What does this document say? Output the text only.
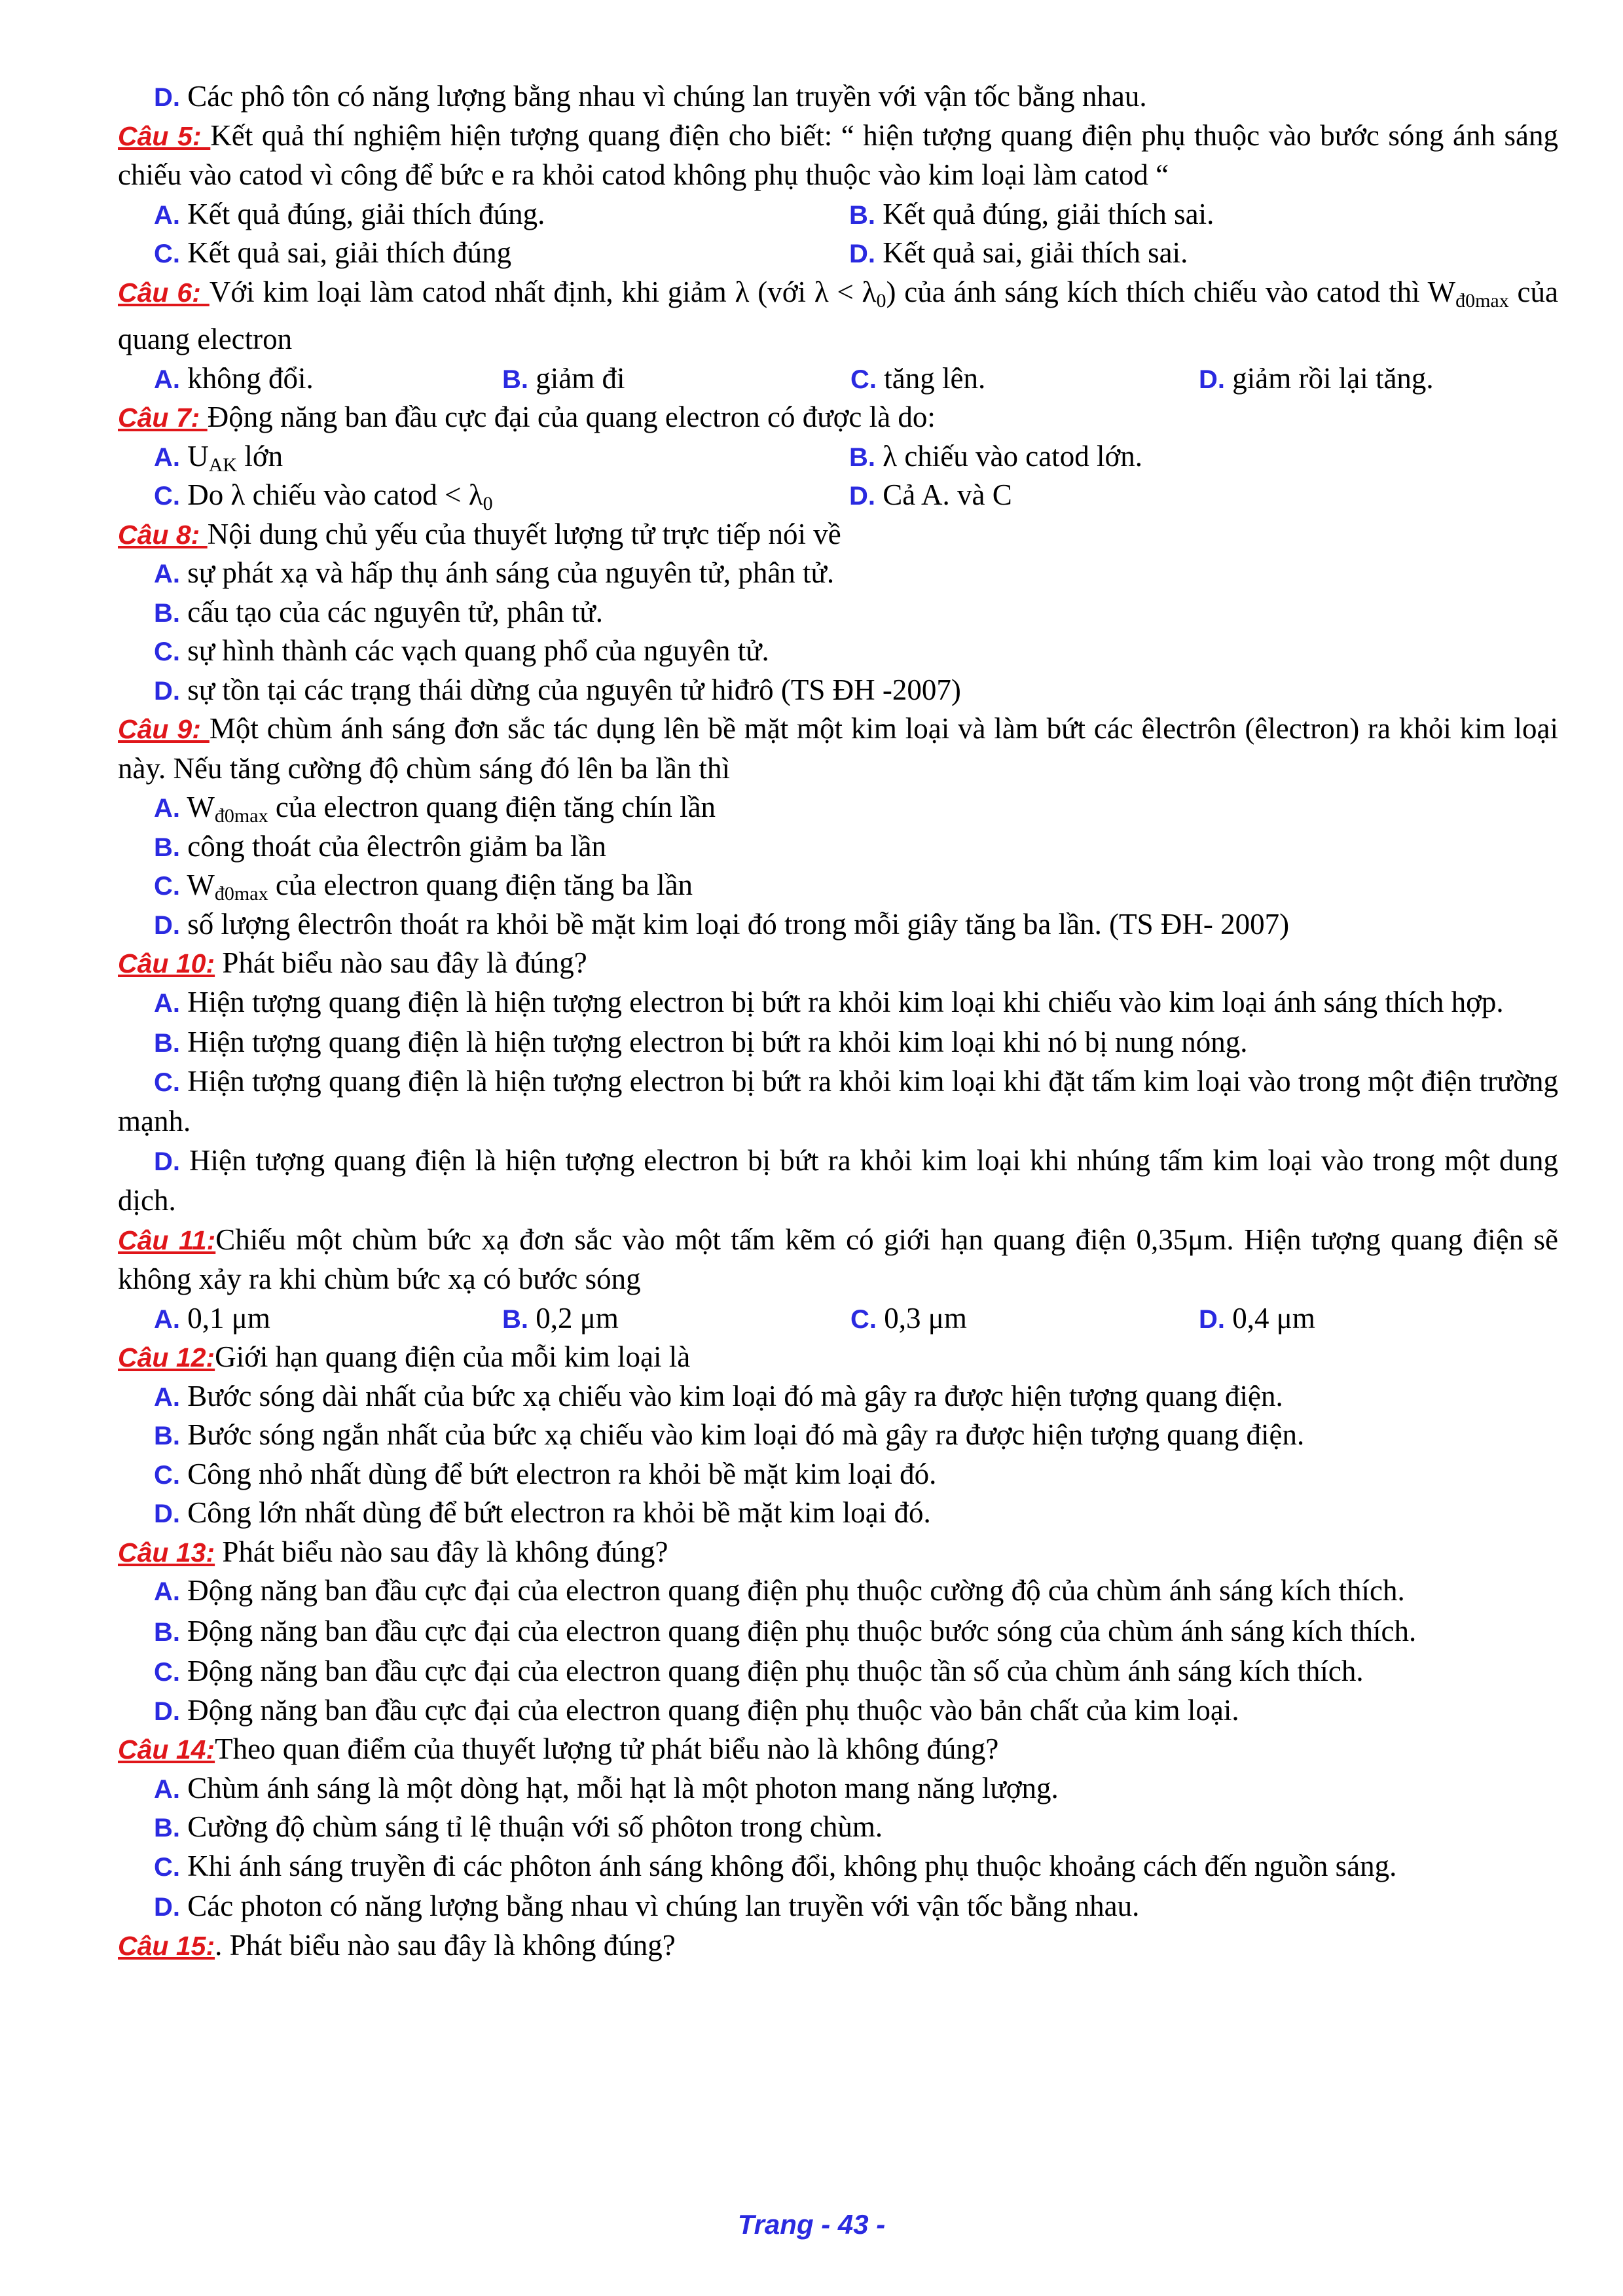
D. Các phô tôn có năng lượng bằng nhau vì chúng lan truyền với vận tốc bằng nhau.
Câu 5: Kết quả thí nghiệm hiện tượng quang điện cho biết: “ hiện tượng quang điện phụ thuộc vào bước sóng ánh sáng chiếu vào catod vì công để bức e ra khỏi catod không phụ thuộc vào kim loại làm catod “
A. Kết quả đúng, giải thích đúng.	B. Kết quả đúng, giải thích sai.
C. Kết quả sai, giải thích đúng	D. Kết quả sai, giải thích sai.
Câu 6: Với kim loại làm catod nhất định, khi giảm λ (với $\lambda < \lambda_0$) của ánh sáng kích thích chiếu vào catod thì $W_{đ0max}$ của quang electron
A. không đổi.	B. giảm đi	C. tăng lên.	D. giảm rồi lại tăng.
Câu 7: Động năng ban đầu cực đại của quang electron có được là do:
A. $U_{AK}$ lớn	B. λ chiếu vào catod lớn.
C. Do λ chiếu vào catod < $\lambda_0$	D. Cả A. và C
Câu 8: Nội dung chủ yếu của thuyết lượng tử trực tiếp nói về
A. sự phát xạ và hấp thụ ánh sáng của nguyên tử, phân tử.
B. cấu tạo của các nguyên tử, phân tử.
C. sự hình thành các vạch quang phổ của nguyên tử.
D. sự tồn tại các trạng thái dừng của nguyên tử hiđrô (TS ĐH -2007)
Câu 9: Một chùm ánh sáng đơn sắc tác dụng lên bề mặt một kim loại và làm bứt các êlectrôn (êlectron) ra khỏi kim loại này. Nếu tăng cường độ chùm sáng đó lên ba lần thì
A. $W_{đ0max}$ của electron quang điện tăng chín lần
B. công thoát của êlectrôn giảm ba lần
C. $W_{đ0max}$ của electron quang điện tăng ba lần
D. số lượng êlectrôn thoát ra khỏi bề mặt kim loại đó trong mỗi giây tăng ba lần. (TS ĐH- 2007)
Câu 10: Phát biểu nào sau đây là đúng?
A. Hiện tượng quang điện là hiện tượng electron bị bứt ra khỏi kim loại khi chiếu vào kim loại ánh sáng thích hợp.
B. Hiện tượng quang điện là hiện tượng electron bị bứt ra khỏi kim loại khi nó bị nung nóng.
C. Hiện tượng quang điện là hiện tượng electron bị bứt ra khỏi kim loại khi đặt tấm kim loại vào trong một điện trường mạnh.
D. Hiện tượng quang điện là hiện tượng electron bị bứt ra khỏi kim loại khi nhúng tấm kim loại vào trong một dung dịch.
Câu 11:Chiếu một chùm bức xạ đơn sắc vào một tấm kẽm có giới hạn quang điện 0,35μm. Hiện tượng quang điện sẽ không xảy ra khi chùm bức xạ có bước sóng
A. 0,1 μm	B. 0,2 μm	C. 0,3 μm	D. 0,4 μm
Câu 12:Giới hạn quang điện của mỗi kim loại là
A. Bước sóng dài nhất của bức xạ chiếu vào kim loại đó mà gây ra được hiện tượng quang điện.
B. Bước sóng ngắn nhất của bức xạ chiếu vào kim loại đó mà gây ra được hiện tượng quang điện.
C. Công nhỏ nhất dùng để bứt electron ra khỏi bề mặt kim loại đó.
D. Công lớn nhất dùng để bứt electron ra khỏi bề mặt kim loại đó.
Câu 13: Phát biểu nào sau đây là không đúng?
A. Động năng ban đầu cực đại của electron quang điện phụ thuộc cường độ của chùm ánh sáng kích thích.
B. Động năng ban đầu cực đại của electron quang điện phụ thuộc bước sóng của chùm ánh sáng kích thích.
C. Động năng ban đầu cực đại của electron quang điện phụ thuộc tần số của chùm ánh sáng kích thích.
D. Động năng ban đầu cực đại của electron quang điện phụ thuộc vào bản chất của kim loại.
Câu 14:Theo quan điểm của thuyết lượng tử phát biểu nào là không đúng?
A. Chùm ánh sáng là một dòng hạt, mỗi hạt là một photon mang năng lượng.
B. Cường độ chùm sáng tỉ lệ thuận với số phôton trong chùm.
C. Khi ánh sáng truyền đi các phôton ánh sáng không đổi, không phụ thuộc khoảng cách đến nguồn sáng.
D. Các photon có năng lượng bằng nhau vì chúng lan truyền với vận tốc bằng nhau.
Câu 15:. Phát biểu nào sau đây là không đúng?
Trang - 43 -
